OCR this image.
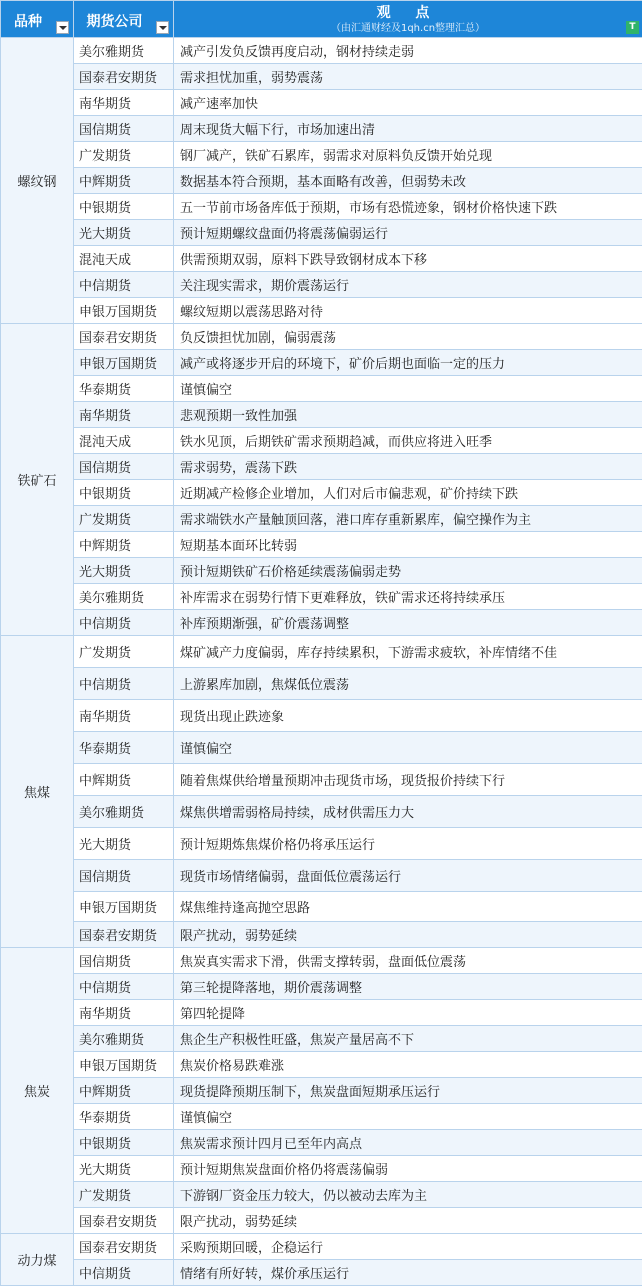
品种	期货公司	观 点
（由汇通财经及1qh.cn整理汇总） T

螺纹钢	美尔雅期货	减产引发负反馈再度启动，钢材持续走弱
	国泰君安期货	需求担忧加重，弱势震荡
	南华期货	减产速率加快
	国信期货	周末现货大幅下行，市场加速出清
	广发期货	钢厂减产，铁矿石累库，弱需求对原料负反馈开始兑现
	中辉期货	数据基本符合预期，基本面略有改善，但弱势未改
	中银期货	五一节前市场备库低于预期，市场有恐慌迹象，钢材价格快速下跌
	光大期货	预计短期螺纹盘面仍将震荡偏弱运行
	混沌天成	供需预期双弱，原料下跌导致钢材成本下移
	中信期货	关注现实需求，期价震荡运行
	申银万国期货	螺纹短期以震荡思路对待
铁矿石	国泰君安期货	负反馈担忧加剧，偏弱震荡
	申银万国期货	减产或将逐步开启的环境下，矿价后期也面临一定的压力
	华泰期货	谨慎偏空
	南华期货	悲观预期一致性加强
	混沌天成	铁水见顶，后期铁矿需求预期趋减，而供应将进入旺季
	国信期货	需求弱势，震荡下跌
	中银期货	近期减产检修企业增加，人们对后市偏悲观，矿价持续下跌
	广发期货	需求端铁水产量触顶回落，港口库存重新累库，偏空操作为主
	中辉期货	短期基本面环比转弱
	光大期货	预计短期铁矿石价格延续震荡偏弱走势
	美尔雅期货	补库需求在弱势行情下更难释放，铁矿需求还将持续承压
	中信期货	补库预期渐强，矿价震荡调整
焦煤	广发期货	煤矿减产力度偏弱，库存持续累积，下游需求疲软，补库情绪不佳
	中信期货	上游累库加剧，焦煤低位震荡
	南华期货	现货出现止跌迹象
	华泰期货	谨慎偏空
	中辉期货	随着焦煤供给增量预期冲击现货市场，现货报价持续下行
	美尔雅期货	煤焦供增需弱格局持续，成材供需压力大
	光大期货	预计短期炼焦煤价格仍将承压运行
	国信期货	现货市场情绪偏弱，盘面低位震荡运行
	申银万国期货	煤焦维持逢高抛空思路
	国泰君安期货	限产扰动，弱势延续
焦炭	国信期货	焦炭真实需求下滑，供需支撑转弱，盘面低位震荡
	中信期货	第三轮提降落地，期价震荡调整
	南华期货	第四轮提降
	美尔雅期货	焦企生产积极性旺盛，焦炭产量居高不下
	申银万国期货	焦炭价格易跌难涨
	中辉期货	现货提降预期压制下，焦炭盘面短期承压运行
	华泰期货	谨慎偏空
	中银期货	焦炭需求预计四月已至年内高点
	光大期货	预计短期焦炭盘面价格仍将震荡偏弱
	广发期货	下游钢厂资金压力较大，仍以被动去库为主
	国泰君安期货	限产扰动，弱势延续
动力煤	国泰君安期货	采购预期回暖，企稳运行
	中信期货	情绪有所好转，煤价承压运行
